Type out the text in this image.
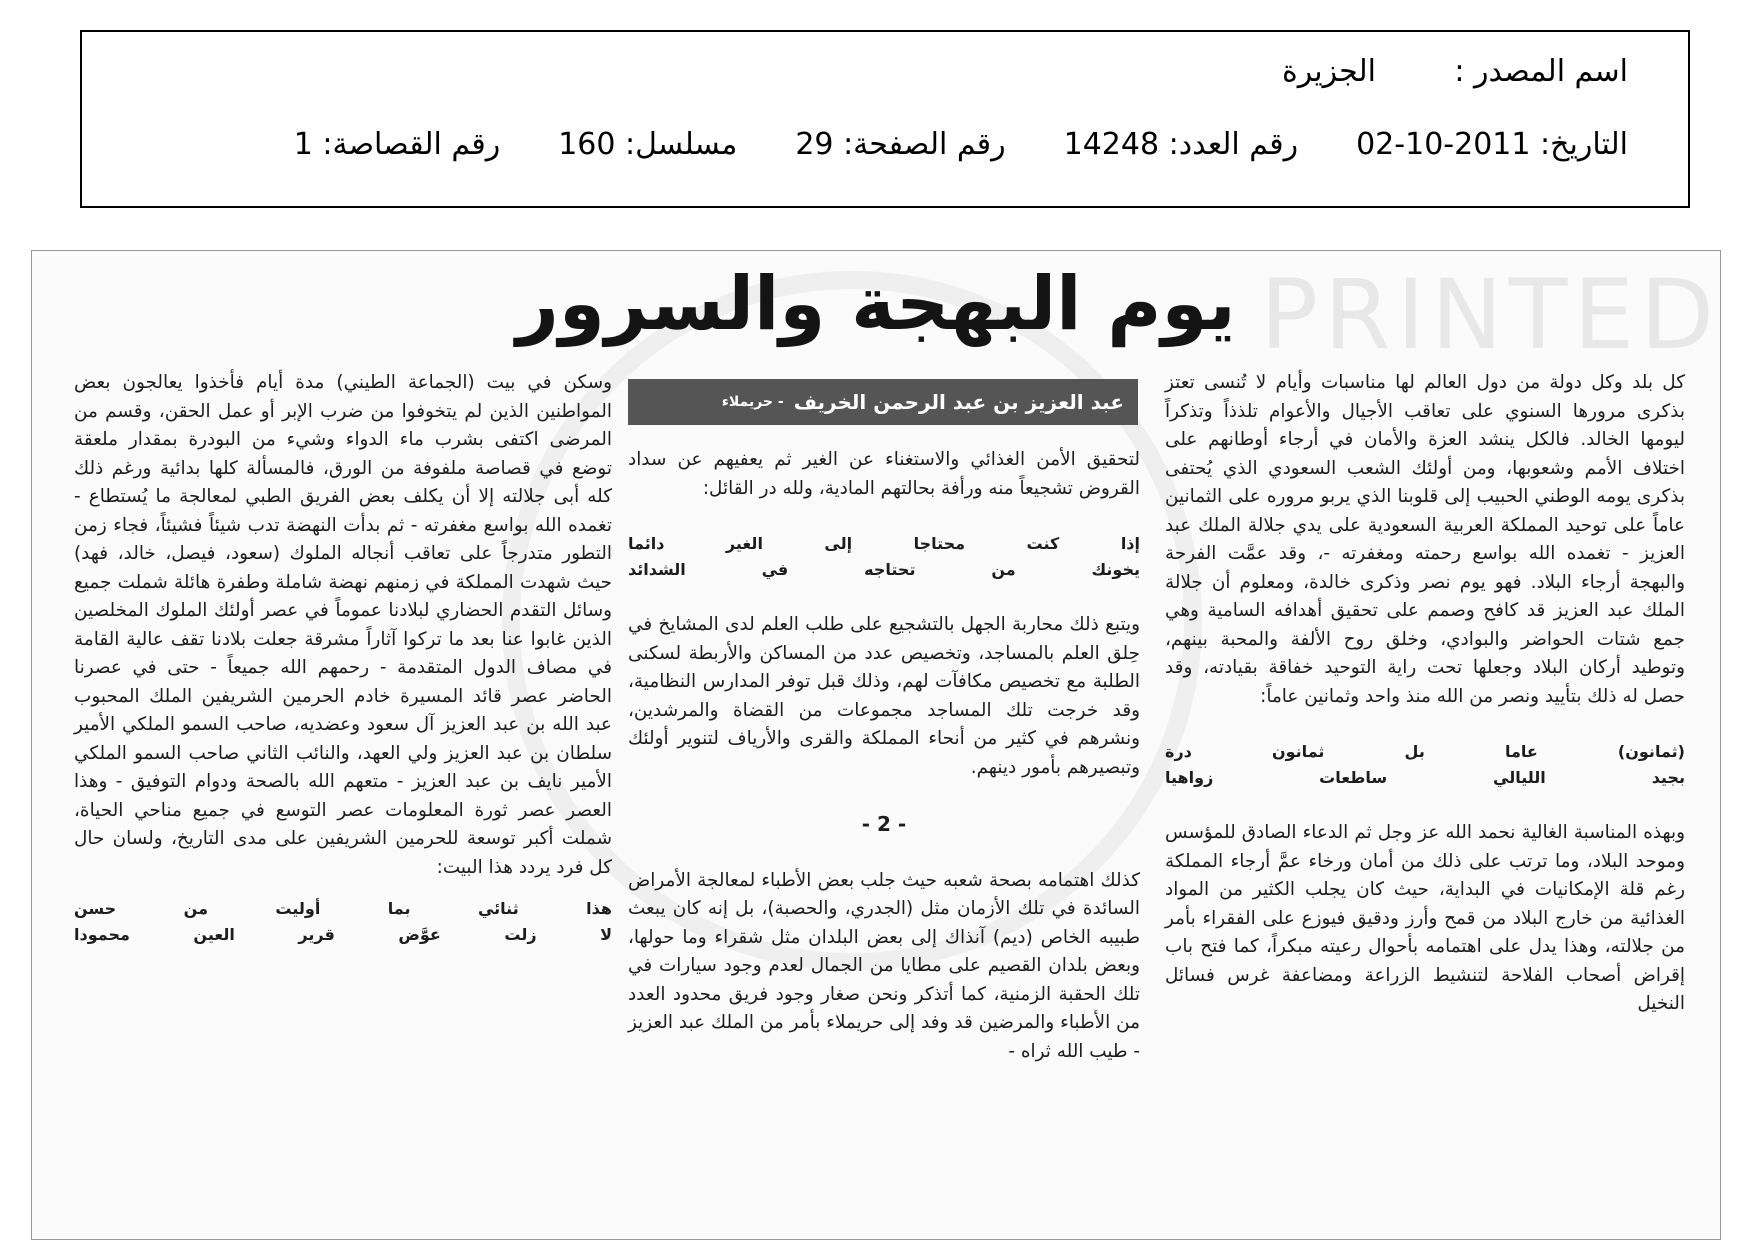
اسم المصدر :
الجزيرة
التاريخ: 2011-10-02
رقم العدد: 14248
رقم الصفحة: 29
مسلسل: 160
رقم القصاصة: 1
PRINTED
يوم البهجة والسرور
عبد العزيز بن عبد الرحمن الخريف
- حريملاء

كل بلد وكل دولة من دول العالم لها مناسبات وأيام لا تُنسى تعتز بذكرى مرورها السنوي على تعاقب الأجيال والأعوام تلذذاً وتذكراً ليومها الخالد. فالكل ينشد العزة والأمان في أرجاء أوطانهم على اختلاف الأمم وشعوبها، ومن أولئك الشعب السعودي الذي يُحتفى بذكرى يومه الوطني الحبيب إلى قلوبنا الذي يربو مروره على الثمانين عاماً على توحيد المملكة العربية السعودية على يدي جلالة الملك عبد العزيز - تغمده الله بواسع رحمته ومغفرته -، وقد عمَّت الفرحة والبهجة أرجاء البلاد. فهو يوم نصر وذكرى خالدة، ومعلوم أن جلالة الملك عبد العزيز قد كافح وصمم على تحقيق أهدافه السامية وهي جمع شتات الحواضر والبوادي، وخلق روح الألفة والمحبة بينهم، وتوطيد أركان البلاد وجعلها تحت راية التوحيد خفاقة بقيادته، وقد حصل له ذلك بتأييد ونصر من الله منذ واحد وثمانين عاماً:

(ثمانون) عاما بل ثمانون درة

بجيد الليالي ساطعات زواهيا

وبهذه المناسبة الغالية نحمد الله عز وجل ثم الدعاء الصادق للمؤسس وموحد البلاد، وما ترتب على ذلك من أمان ورخاء عمَّ أرجاء المملكة رغم قلة الإمكانيات في البداية، حيث كان يجلب الكثير من المواد الغذائية من خارج البلاد من قمح وأرز ودقيق فيوزع على الفقراء بأمر من جلالته، وهذا يدل على اهتمامه بأحوال رعيته مبكراً، كما فتح باب إقراض أصحاب الفلاحة لتنشيط الزراعة ومضاعفة غرس فسائل النخيل

لتحقيق الأمن الغذائي والاستغناء عن الغير ثم يعفيهم عن سداد القروض تشجيعاً منه ورأفة بحالتهم المادية، ولله در القائل:

إذا كنت محتاجا إلى الغير دائما

يخونك من تحتاجه في الشدائد

ويتبع ذلك محاربة الجهل بالتشجيع على طلب العلم لدى المشايخ في حِلق العلم بالمساجد، وتخصيص عدد من المساكن والأربطة لسكنى الطلبة مع تخصيص مكافآت لهم، وذلك قبل توفر المدارس النظامية، وقد خرجت تلك المساجد مجموعات من القضاة والمرشدين، ونشرهم في كثير من أنحاء المملكة والقرى والأرياف لتنوير أولئك وتبصيرهم بأمور دينهم.

- 2 -

كذلك اهتمامه بصحة شعبه حيث جلب بعض الأطباء لمعالجة الأمراض السائدة في تلك الأزمان مثل (الجدري، والحصبة)، بل إنه كان يبعث طبيبه الخاص (ديم) آنذاك إلى بعض البلدان مثل شقراء وما حولها، وبعض بلدان القصيم على مطايا من الجمال لعدم وجود سيارات في تلك الحقبة الزمنية، كما أتذكر ونحن صغار وجود فريق محدود العدد من الأطباء والمرضين قد وفد إلى حريملاء بأمر من الملك عبد العزيز - طيب الله ثراه -

وسكن في بيت (الجماعة الطيني) مدة أيام فأخذوا يعالجون بعض المواطنين الذين لم يتخوفوا من ضرب الإبر أو عمل الحقن، وقسم من المرضى اكتفى بشرب ماء الدواء وشيء من البودرة بمقدار ملعقة توضع في قصاصة ملفوفة من الورق، فالمسألة كلها بدائية ورغم ذلك كله أبى جلالته إلا أن يكلف بعض الفريق الطبي لمعالجة ما يُستطاع - تغمده الله بواسع مغفرته - ثم بدأت النهضة تدب شيئاً فشيئاً، فجاء زمن التطور متدرجاً على تعاقب أنجاله الملوك (سعود، فيصل، خالد، فهد) حيث شهدت المملكة في زمنهم نهضة شاملة وطفرة هائلة شملت جميع وسائل التقدم الحضاري لبلادنا عموماً في عصر أولئك الملوك المخلصين الذين غابوا عنا بعد ما تركوا آثاراً مشرقة جعلت بلادنا تقف عالية القامة في مصاف الدول المتقدمة - رحمهم الله جميعاً - حتى في عصرنا الحاضر عصر قائد المسيرة خادم الحرمين الشريفين الملك المحبوب عبد الله بن عبد العزيز آل سعود وعضديه، صاحب السمو الملكي الأمير سلطان بن عبد العزيز ولي العهد، والنائب الثاني صاحب السمو الملكي الأمير نايف بن عبد العزيز - متعهم الله بالصحة ودوام التوفيق - وهذا العصر عصر ثورة المعلومات عصر التوسع في جميع مناحي الحياة، شملت أكبر توسعة للحرمين الشريفين على مدى التاريخ، ولسان حال كل فرد يردد هذا البيت:

هذا ثنائي بما أوليت من حسن

لا زلت عوَّض قرير العين محمودا
